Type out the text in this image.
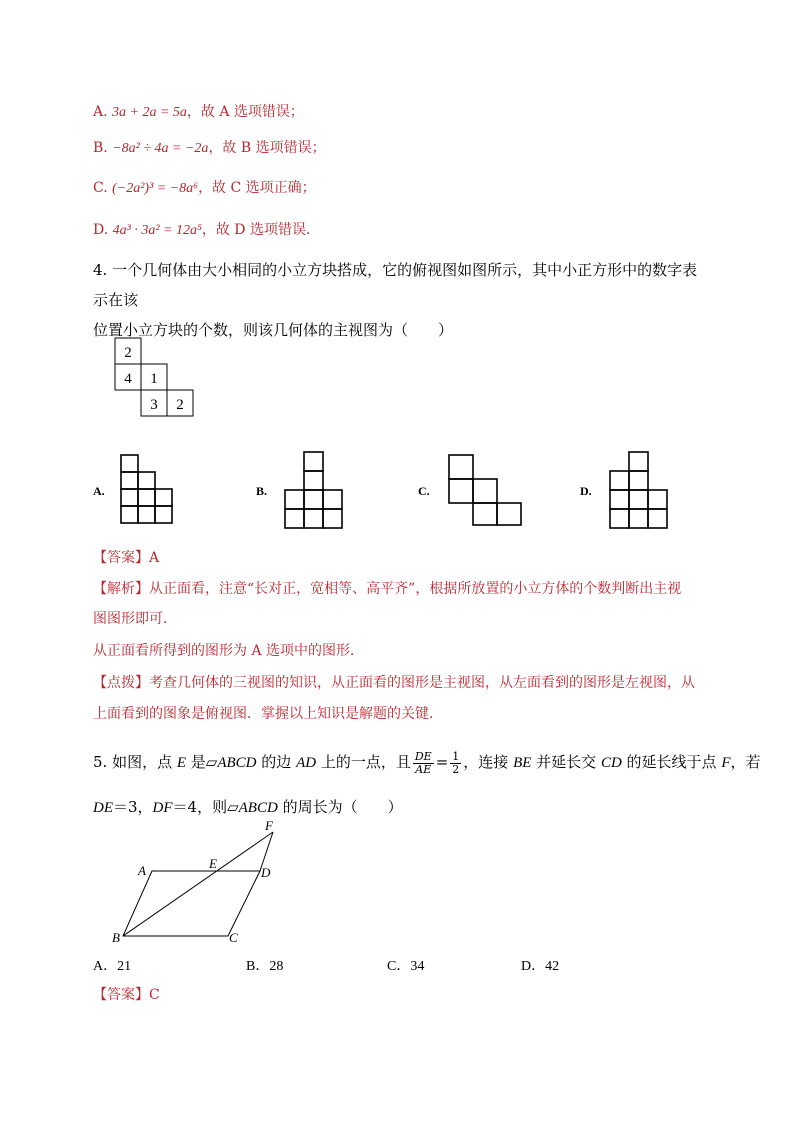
A. 3a + 2a = 5a，故 A 选项错误；
B. −8a² ÷ 4a = −2a，故 B 选项错误；
C. (−2a²)³ = −8a⁶，故 C 选项正确；
D. 4a³ · 3a² = 12a⁵，故 D 选项错误．
4. 一个几何体由大小相同的小立方块搭成，它的俯视图如图所示，其中小正方形中的数字表示在该
位置小立方块的个数，则该几何体的主视图为（　　）
2
4 1
3 2
A.	B.	C.	D.
【答案】A
【解析】从正面看，注意“长对正，宽相等、高平齐”，根据所放置的小立方体的个数判断出主视
图图形即可．
从正面看所得到的图形为 A 选项中的图形．
【点拨】考查几何体的三视图的知识，从正面看的图形是主视图，从左面看到的图形是左视图，从
上面看到的图象是俯视图．掌握以上知识是解题的关键．
5. 如图，点 E 是▱ABCD 的边 AD 上的一点，且 $\frac{DE}{AE} = \frac{1}{2}$ ，连接 BE 并延长交 CD 的延长线于点 F，若
DE＝3，DF＝4，则▱ABCD 的周长为（　　）
F
E
A	D
B	C
A．21	B．28	C．34	D．42
【答案】C
